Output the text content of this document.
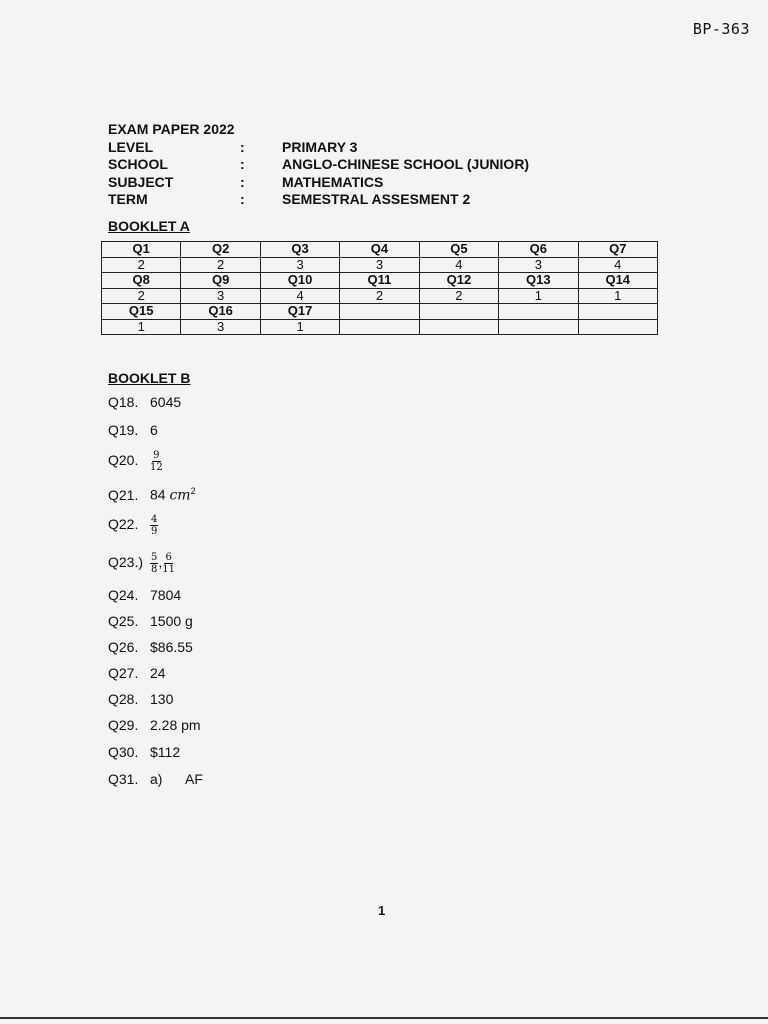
BP-363
EXAM PAPER 2022
LEVEL	:	PRIMARY 3
SCHOOL	:	ANGLO-CHINESE SCHOOL (JUNIOR)
SUBJECT	:	MATHEMATICS
TERM	:	SEMESTRAL ASSESMENT 2
BOOKLET A
Q1	Q2	Q3	Q4	Q5	Q6	Q7
2	2	3	3	4	3	4
Q8	Q9	Q10	Q11	Q12	Q13	Q14
2	3	4	2	2	1	1
Q15	Q16	Q17				
1	3	1				
BOOKLET B
Q18. 6045
Q19. 6
Q20. $\frac{9}{12}$
Q21. 84 $cm^2$
Q22. $\frac{4}{9}$
$Q23.) \frac{5}{8}$ , $\frac{6}{11}$
Q24. 7804
Q25. 1500 g
Q26. $86.55
Q27. 24
Q28. 130
Q29. 2.28 pm
Q30. $112
Q31. a)      AF
1
